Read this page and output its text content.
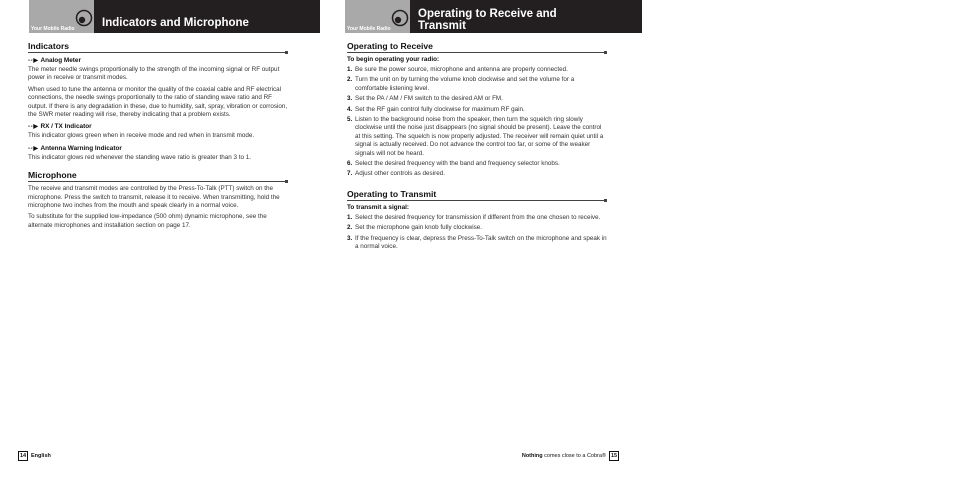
Your Mobile Radio Indicators and Microphone
Indicators
- - ▶ Analog Meter

The meter needle swings proportionally to the strength of the incoming signal or RF output power in receive or transmit modes.

When used to tune the antenna or monitor the quality of the coaxial cable and RF electrical connections, the needle swings proportionally to the ratio of standing wave ratio and RF output. If there is any degradation in these, due to humidity, salt, spray, vibration or corrosion, the SWR meter reading will rise, thereby indicating that a problem exists.

- - ▶ RX / TX Indicator

This indicator glows green when in receive mode and red when in transmit mode.

- - ▶ Antenna Warning Indicator

This indicator glows red whenever the standing wave ratio is greater than 3 to 1.

Microphone

The receive and transmit modes are controlled by the Press-To-Talk (PTT) switch on the microphone. Press the switch to transmit, release it to receive. When transmitting, hold the microphone two inches from the mouth and speak clearly in a normal voice.

To substitute for the supplied low-impedance (500 ohm) dynamic microphone, see the alternate microphones and installation section on page 17.

14 English
Your Mobile Radio
Operating to Receive and
Transmit
Operating to Receive
To begin operating your radio:
1. Be sure the power source, microphone and antenna are properly connected.
2. Turn the unit on by turning the volume knob clockwise and set the volume for a comfortable listening level.
3. Set the PA / AM / FM switch to the desired AM or FM.
4. Set the RF gain control fully clockwise for maximum RF gain.
5. Listen to the background noise from the speaker, then turn the squelch ring slowly clockwise until the noise just disappears (no signal should be present). Leave the control at this setting. The squelch is now properly adjusted. The receiver will remain quiet until a signal is actually received. Do not advance the control too far, or some of the weaker signals will not be heard.
6. Select the desired frequency with the band and frequency selector knobs.
7. Adjust other controls as desired.
Operating to Transmit
To transmit a signal:
1. Select the desired frequency for transmission if different from the one chosen to receive.
2. Set the microphone gain knob fully clockwise.
3. If the frequency is clear, depress the Press-To-Talk switch on the microphone and speak in a normal voice.
Nothing
comes close to a Cobra® 15
